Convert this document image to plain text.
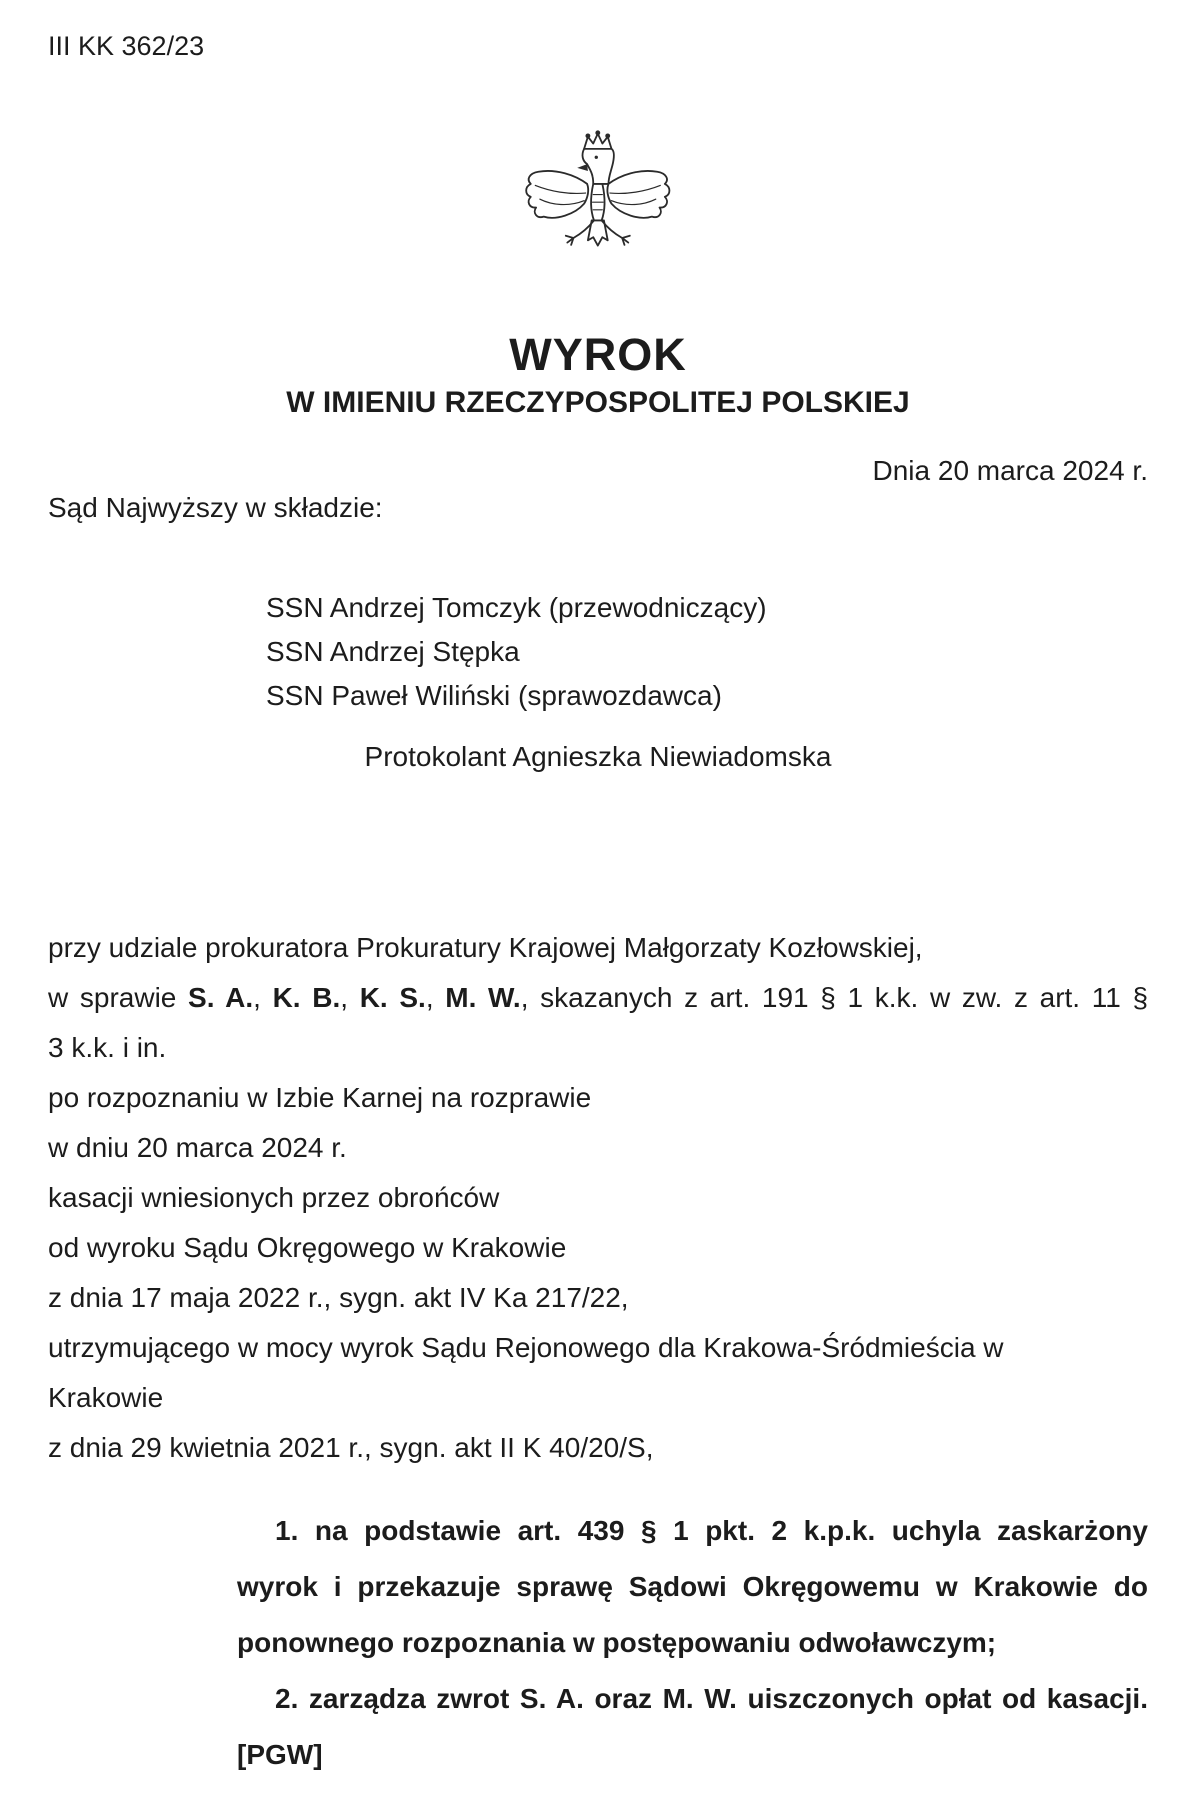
III KK 362/23
WYROK
W IMIENIU RZECZYPOSPOLITEJ POLSKIEJ
Dnia 20 marca 2024 r.
Sąd Najwyższy w składzie:
SSN Andrzej Tomczyk (przewodniczący)
SSN Andrzej Stępka
SSN Paweł Wiliński (sprawozdawca)
Protokolant Agnieszka Niewiadomska
przy udziale prokuratora Prokuratury Krajowej Małgorzaty Kozłowskiej,
w sprawie S. A., K. B., K. S., M. W., skazanych z art. 191 § 1 k.k. w zw. z art. 11 §
3 k.k. i in.
po rozpoznaniu w Izbie Karnej na rozprawie
w dniu 20 marca 2024 r.
kasacji wniesionych przez obrońców
od wyroku Sądu Okręgowego w Krakowie
z dnia 17 maja 2022 r., sygn. akt IV Ka 217/22,
utrzymującego w mocy wyrok Sądu Rejonowego dla Krakowa-Śródmieścia w
Krakowie
z dnia 29 kwietnia 2021 r., sygn. akt II K 40/20/S,
1. na podstawie art. 439 § 1 pkt. 2 k.p.k. uchyla zaskarżony
wyrok i przekazuje sprawę Sądowi Okręgowemu w Krakowie do
ponownego rozpoznania w postępowaniu odwoławczym;
2. zarządza zwrot S. A. oraz M. W. uiszczonych opłat od kasacji.
[PGW]
